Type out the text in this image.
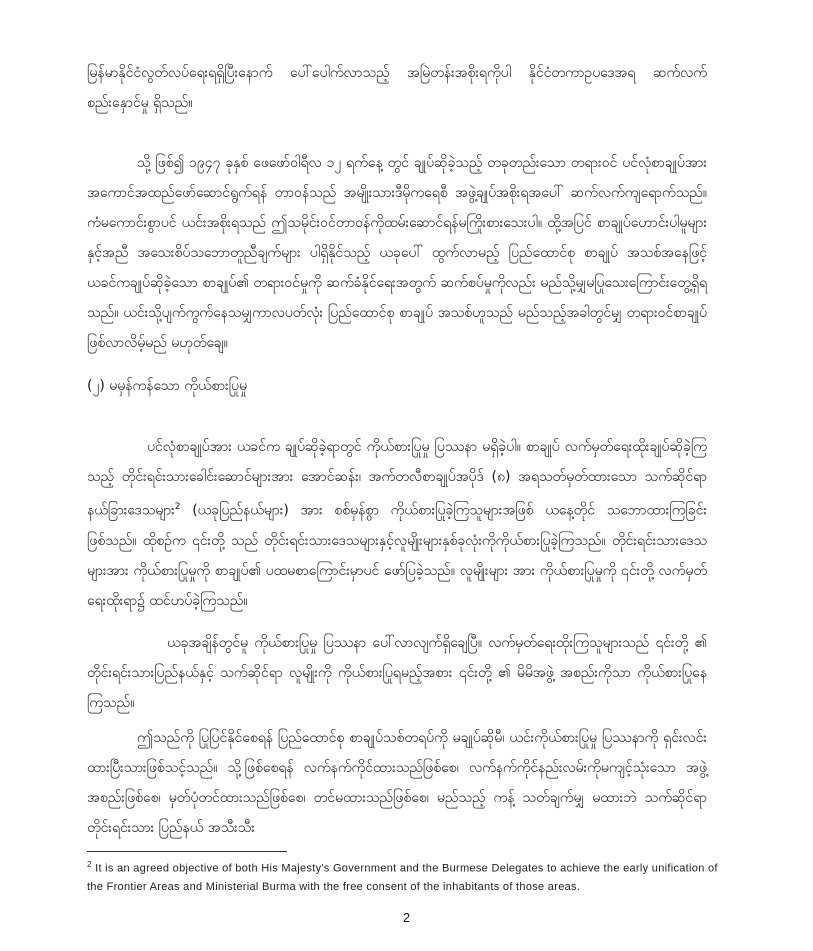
မြန်မာနိုင်ငံလွတ်လပ်ရေးရရှိပြီးနောက် ပေါ်ပေါက်လာသည့် အမြဲတန်းအစိုးရကိုပါ နိုင်ငံတကာဥပဒေအရ ဆက်လက်စည်းနှောင်မှု ရှိသည်။

သို့ ဖြစ်၍ ၁၉၄၇ ခုနှစ် ဖေဖော်ဝါရီလ ၁၂ ရက်နေ့ တွင် ချုပ်ဆိုခဲ့သည့် တခုတည်းသော တရားဝင် ပင်လုံစာချုပ်အား အကောင်အထည်ဖော်ဆောင်ရွက်ရန် တာဝန်သည် အမျိုးသားဒီမိုကရေစီ အဖွဲ့ချုပ်အစိုးရအပေါ် ဆက်လက်ကျရောက်သည်။ ကံမကောင်းစွာပင် ယင်းအစိုးရသည် ဤသမိုင်းဝင်တာဝန်ကိုထမ်းဆောင်ရန်မကြိုးစားသေးပါ။ ထို့အပြင် စာချုပ်ဟောင်းပါမူများနှင့်အညီ အသေးစိပ်သဘောတူညီချက်များ ပါရှိနိုင်သည့် ယခုပေါ် ထွက်လာမည့် ပြည်ထောင်စု စာချုပ် အသစ်အနေဖြင့် ယခင်ကချုပ်ဆိုခဲ့သော စာချုပ်၏ တရားဝင်မှုကို ဆက်ခံနိုင်ရေးအတွက် ဆက်စပ်မှုကိုလည်း မည်သို့မျှမပြုသေးကြောင်းတွေ့ရှိရသည်။ ယင်းသို့ပျက်ကွက်နေသမျှကာလပတ်လုံး ပြည်ထောင်စု စာချုပ် အသစ်ဟူသည် မည်သည့်အခါတွင်မျှ တရားဝင်စာချုပ်ဖြစ်လာလိမ့်မည် မဟုတ်ချေ။

(၂) မမှန်ကန်သော ကိုယ်စားပြုမှု

ပင်လုံစာချုပ်အား ယခင်က ချုပ်ဆိုခဲ့ရာတွင် ကိုယ်စားပြုမှု ပြဿနာ မရှိခဲ့ပါ။ စာချုပ် လက်မှတ်ရေးထိုးချုပ်ဆိုခဲ့ကြသည့် တိုင်းရင်းသားခေါင်းဆောင်များအား အောင်ဆန်း၊ အက်တလီစာချုပ်အပိုဒ် (၈) အရသတ်မှတ်ထားသော သက်ဆိုင်ရာနယ်ခြားဒေသများ$^2$ (ယခုပြည်နယ်များ) အား စစ်မှန်စွာ ကိုယ်စားပြုခဲ့ကြသူများအဖြစ် ယနေ့တိုင် သဘောထားကြခြင်းဖြစ်သည်။ ထိုစဉ်က ၎င်းတို့ သည် တိုင်းရင်းသားဒေသများနှင့်လူမျိုးများနှစ်ခုလုံးကိုကိုယ်စားပြုခဲ့ကြသည်။ တိုင်းရင်းသားဒေသများအား ကိုယ်စားပြုမှုကို စာချုပ်၏ ပထမစာကြောင်းမှာပင် ဖော်ပြခဲ့သည်။ လူမျိုးများ အား ကိုယ်စားပြုမှုကို ၎င်းတို့ လက်မှတ်ရေးထိုးရာ၌ ထင်ဟပ်ခဲ့ကြသည်။

ယခုအချိန်တွင်မူ ကိုယ်စားပြုမှု ပြဿနာ ပေါ်လာလျက်ရှိချေပြီ။ လက်မှတ်ရေးထိုးကြသူများသည် ၎င်းတို့ ၏ တိုင်းရင်းသားပြည်နယ်နှင့် သက်ဆိုင်ရာ လူမျိုးကို ကိုယ်စားပြုရမည့်အစား ၎င်းတို့ ၏ မိမိအဖွဲ့ အစည်းကိုသာ ကိုယ်စားပြုနေကြသည်။

ဤသည်ကို ပြုပြင်နိုင်စေရန် ပြည်ထောင်စု စာချုပ်သစ်တရပ်ကို မချုပ်ဆိုမီ၊ ယင်းကိုယ်စားပြုမှု ပြဿနာကို ရှင်းလင်းထားပြီးသားဖြစ်သင့်သည်။ သို့ဖြစ်စေရန် လက်နက်ကိုင်ထားသည်ဖြစ်စေ၊ လက်နက်ကိုင်နည်းလမ်းကိုမကျင့်သုံးသော အဖွဲ့ အစည်းဖြစ်စေ၊ မှတ်ပုံတင်ထားသည်ဖြစ်စေ၊ တင်မထားသည်ဖြစ်စေ၊ မည်သည့် ကန့် သတ်ချက်မျှ မထားဘဲ သက်ဆိုင်ရာ တိုင်းရင်းသား ပြည်နယ် အသီးသီး

$^2$ It is an agreed objective of both His Majesty's Government and the Burmese Delegates to achieve the early unification of the Frontier Areas and Ministerial Burma with the free consent of the inhabitants of those areas.
2
